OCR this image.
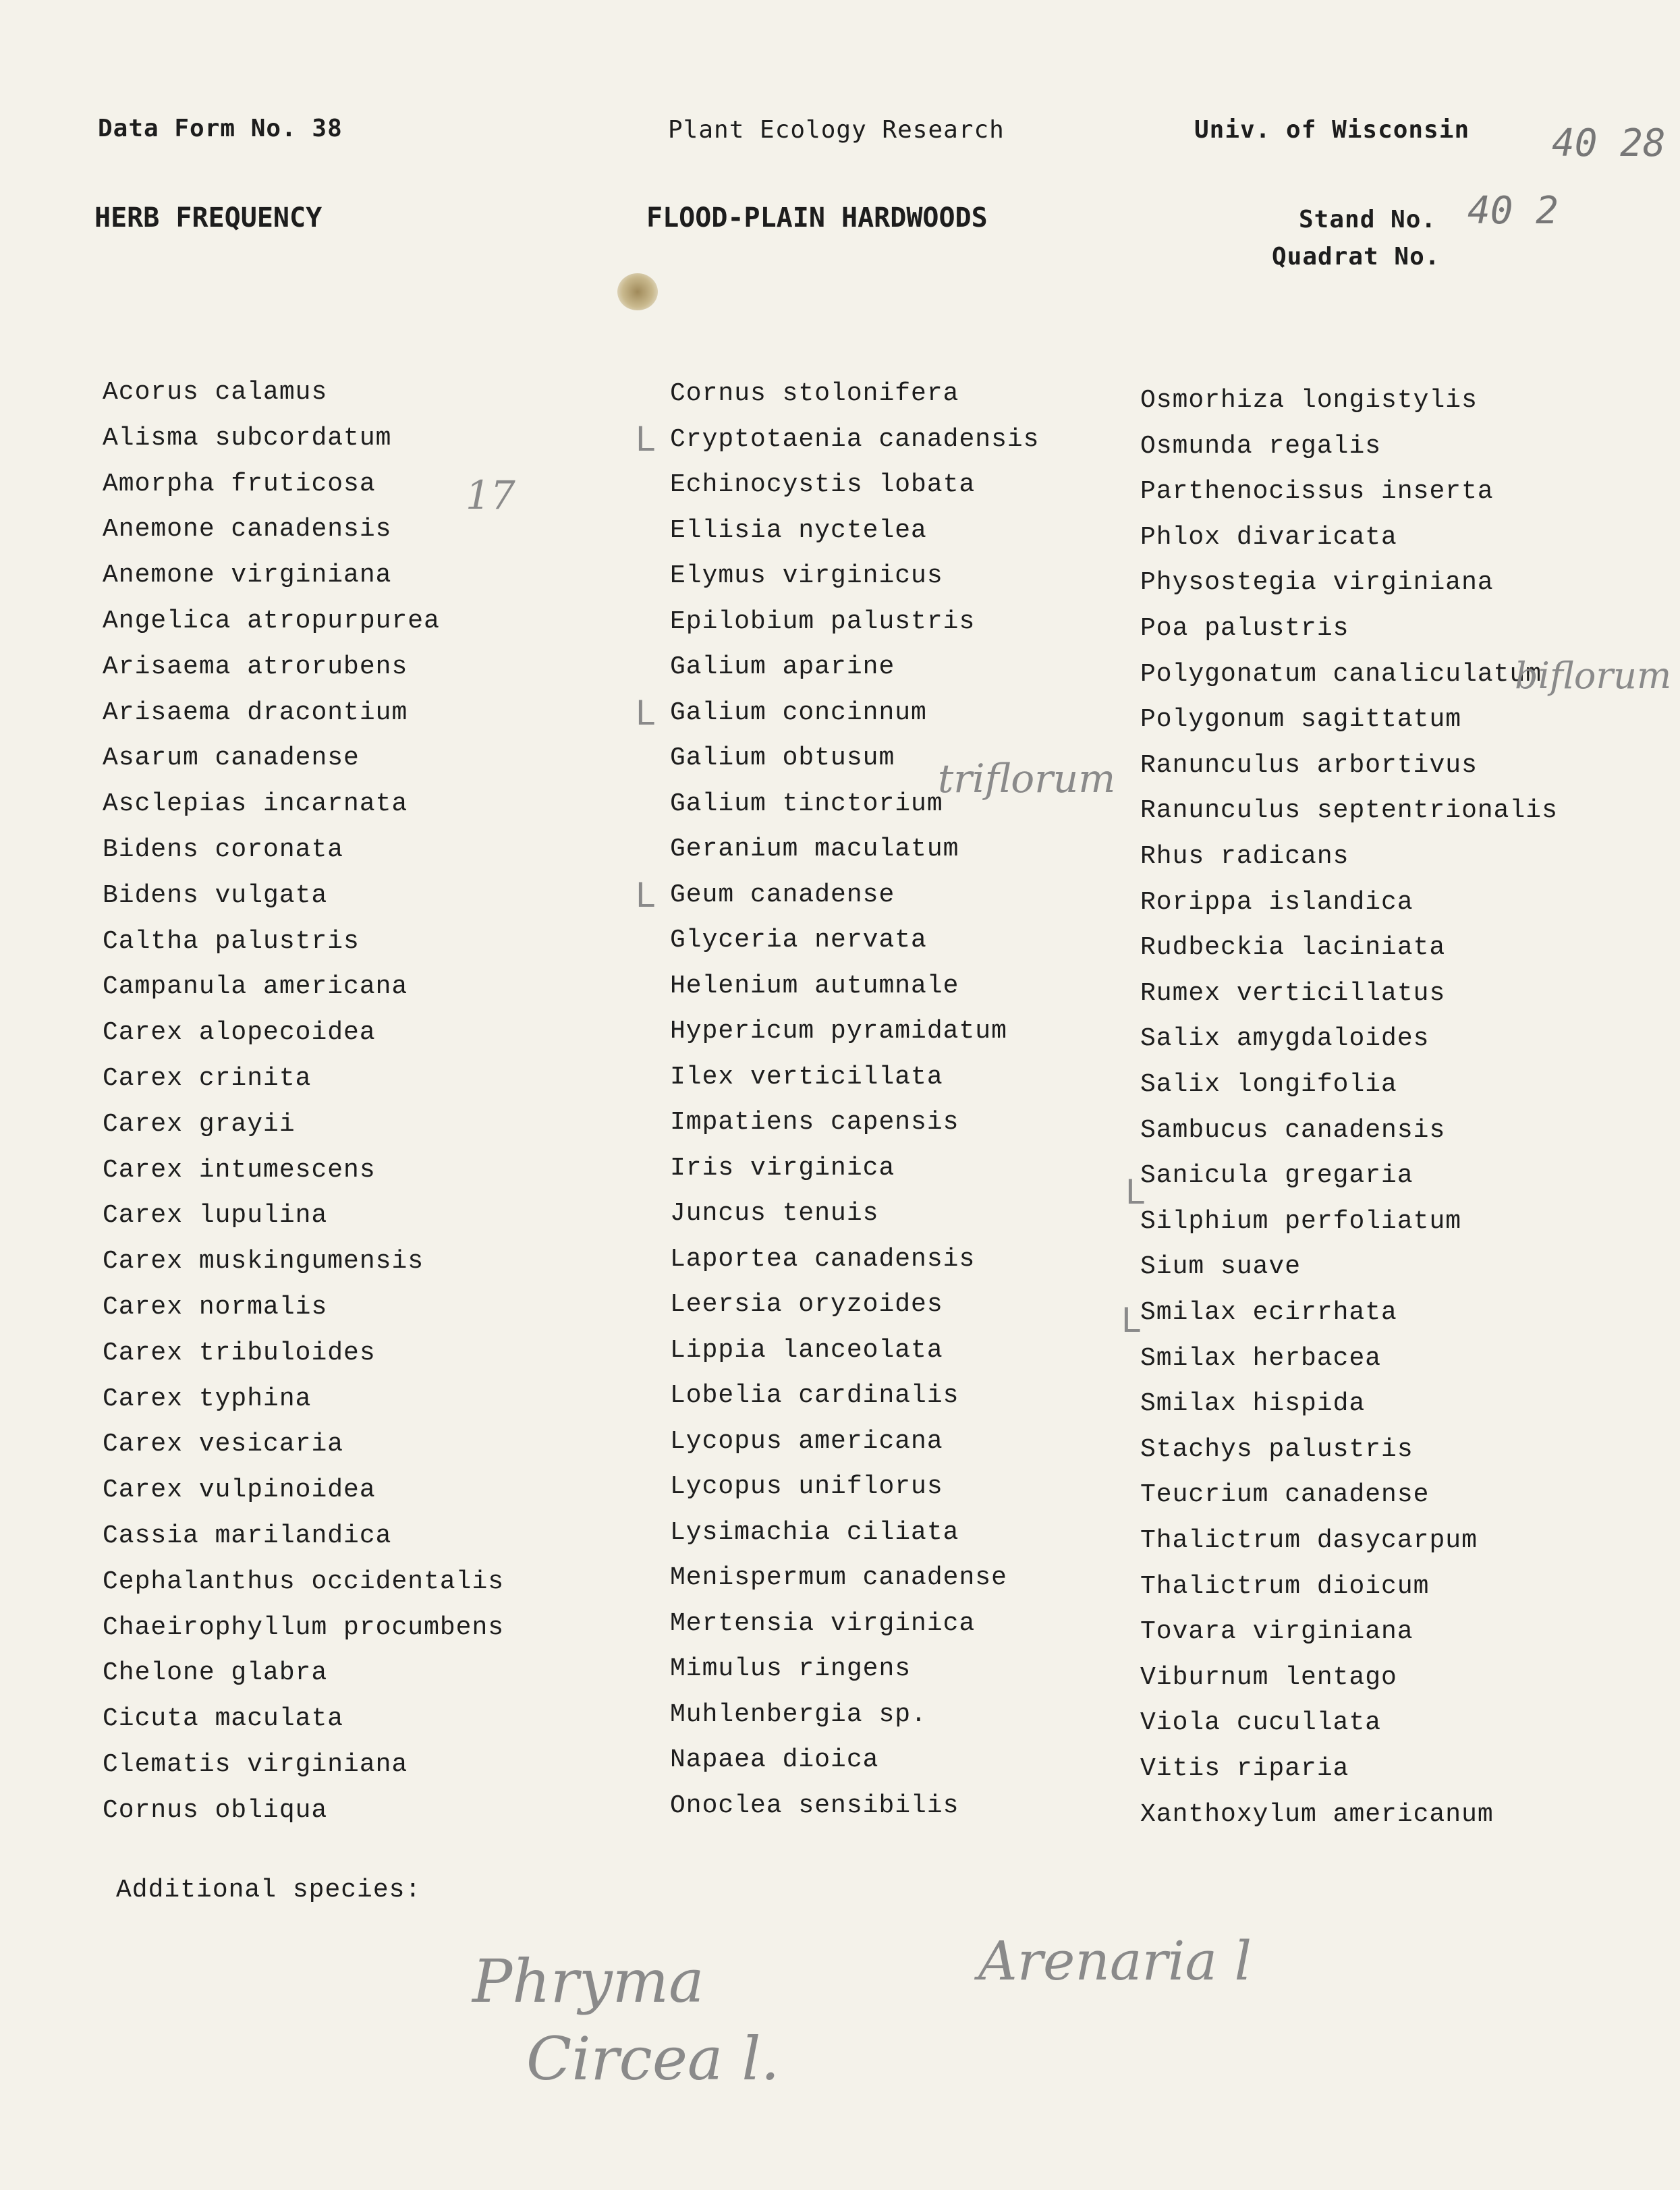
Data Form No. 38	Plant Ecology Research	Univ. of Wisconsin 40 28
HERB FREQUENCY	FLOOD-PLAIN HARDWOODS	Stand No. 40 2
Quadrat No.
Acorus calamus
Alisma subcordatum
Amorpha fruticosa
Anemone canadensis
Anemone virginiana
Angelica atropurpurea
Arisaema atrorubens
Arisaema dracontium
Asarum canadense
Asclepias incarnata
Bidens coronata
Bidens vulgata
Caltha palustris
Campanula americana
Carex alopecoidea
Carex crinita
Carex grayii
Carex intumescens
Carex lupulina
Carex muskingumensis
Carex normalis
Carex tribuloides
Carex typhina
Carex vesicaria
Carex vulpinoidea
Cassia marilandica
Cephalanthus occidentalis
Chaeirophyllum procumbens
Chelone glabra
Cicuta maculata
Clematis virginiana
Cornus obliqua
Cornus stolonifera
Cryptotaenia canadensis
Echinocystis lobata
Ellisia nyctelea
Elymus virginicus
Epilobium palustris
Galium aparine
Galium concinnum
Galium obtusum
Galium tinctorium
Geranium maculatum
Geum canadense
Glyceria nervata
Helenium autumnale
Hypericum pyramidatum
Ilex verticillata
Impatiens capensis
Iris virginica
Juncus tenuis
Laportea canadensis
Leersia oryzoides
Lippia lanceolata
Lobelia cardinalis
Lycopus americana
Lycopus uniflorus
Lysimachia ciliata
Menispermum canadense
Mertensia virginica
Mimulus ringens
Muhlenbergia sp.
Napaea dioica
Onoclea sensibilis
Osmorhiza longistylis
Osmunda regalis
Parthenocissus inserta
Phlox divaricata
Physostegia virginiana
Poa palustris
Polygonatum canaliculatum
Polygonum sagittatum
Ranunculus arbortivus
Ranunculus septentrionalis
Rhus radicans
Rorippa islandica
Rudbeckia laciniata
Rumex verticillatus
Salix amygdaloides
Salix longifolia
Sambucus canadensis
Sanicula gregaria
Silphium perfoliatum
Sium suave
Smilax ecirrhata
Smilax herbacea
Smilax hispida
Stachys palustris
Teucrium canadense
Thalictrum dasycarpum
Thalictrum dioicum
Tovara virginiana
Viburnum lentago
Viola cucullata
Vitis riparia
Xanthoxylum americanum
ᒪ
ᒪ
ᒪ
ᒪ
ᒪ
17
triflorum
biflorum
Additional species:
Phryma	Arenaria l
Circea l.
